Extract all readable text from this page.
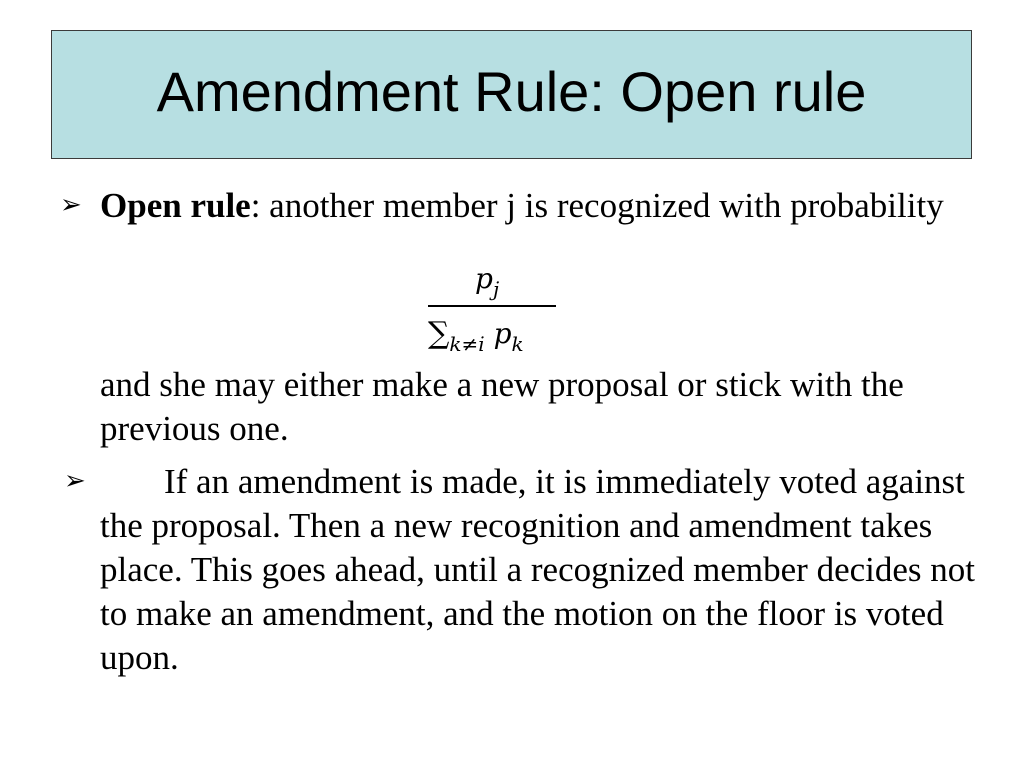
Amendment Rule: Open rule
➢ Open rule: another member j is recognized with probability
$p_j$
$\sum_{k\ne i}$ $p_k$
and she may either make a new proposal or stick with the previous one.
➢	If an amendment is made, it is immediately voted against the proposal. Then a new recognition and amendment takes place. This goes ahead, until a recognized member decides not to make an amendment, and the motion on the floor is voted upon.
